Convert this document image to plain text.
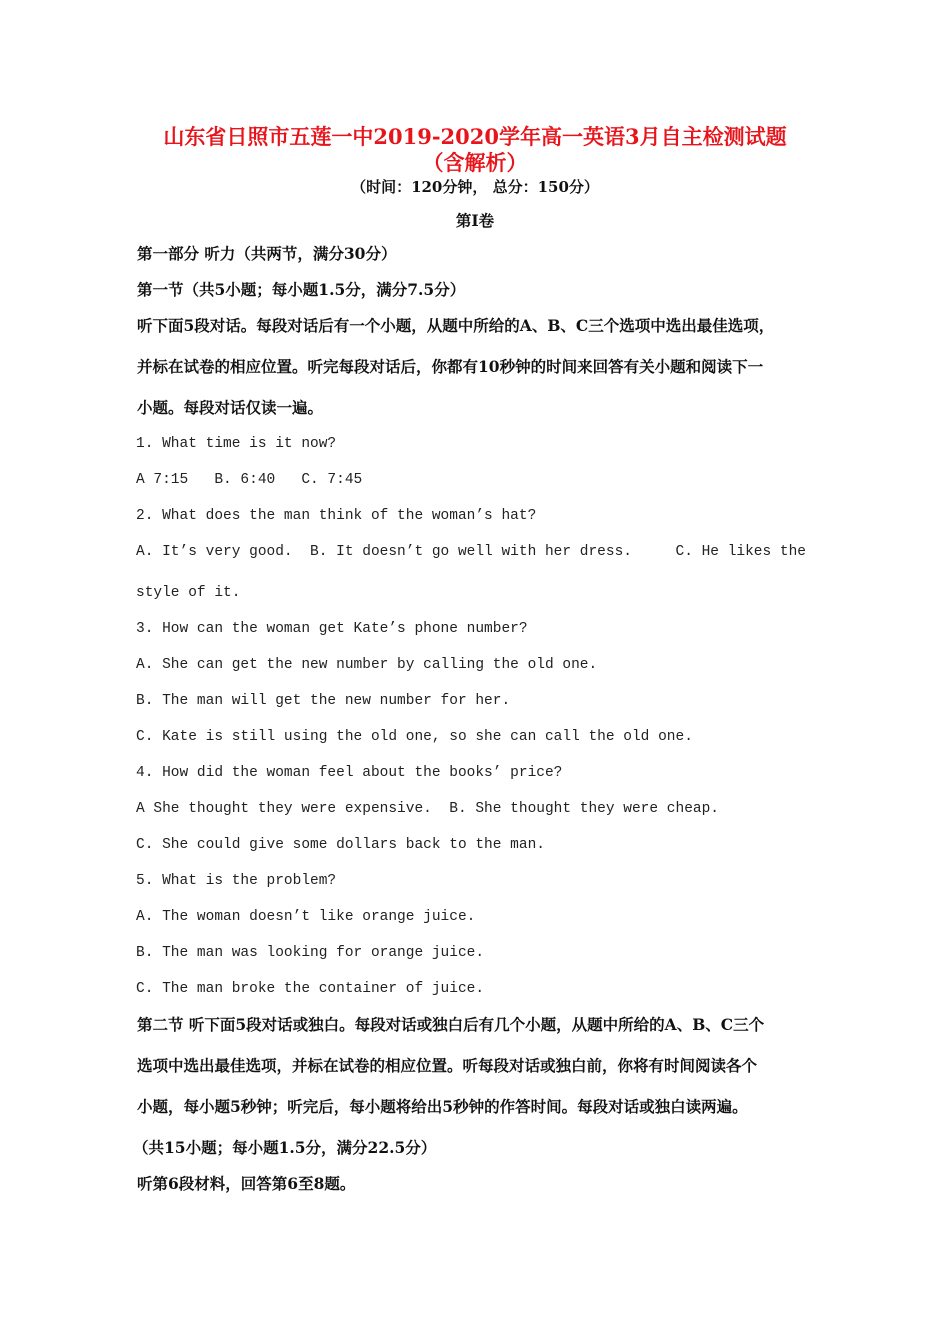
山东省日照市五莲一中2019-2020学年高一英语3月自主检测试题
（含解析）
（时间：120分钟， 总分：150分）
第Ⅰ卷
第一部分 听力（共两节，满分30分）
第一节（共5小题；每小题1.5分，满分7.5分）
听下面5段对话。每段对话后有一个小题，从题中所给的A、B、C三个选项中选出最佳选项，
并标在试卷的相应位置。听完每段对话后，你都有10秒钟的时间来回答有关小题和阅读下一
小题。每段对话仅读一遍。
1. What time is it now?
A 7:15   B. 6:40   C. 7:45
2. What does the man think of the woman’s hat?
A. It’s very good.  B. It doesn’t go well with her dress.     C. He likes the
style of it.
3. How can the woman get Kate’s phone number?
A. She can get the new number by calling the old one.
B. The man will get the new number for her.
C. Kate is still using the old one, so she can call the old one.
4. How did the woman feel about the books’ price?
A She thought they were expensive.  B. She thought they were cheap.
C. She could give some dollars back to the man.
5. What is the problem?
A. The woman doesn’t like orange juice.
B. The man was looking for orange juice.
C. The man broke the container of juice.
第二节 听下面5段对话或独白。每段对话或独白后有几个小题，从题中所给的A、B、C三个
选项中选出最佳选项，并标在试卷的相应位置。听每段对话或独白前，你将有时间阅读各个
小题，每小题5秒钟；听完后，每小题将给出5秒钟的作答时间。每段对话或独白读两遍。
（共15小题；每小题1.5分，满分22.5分）
听第6段材料，回答第6至8题。
